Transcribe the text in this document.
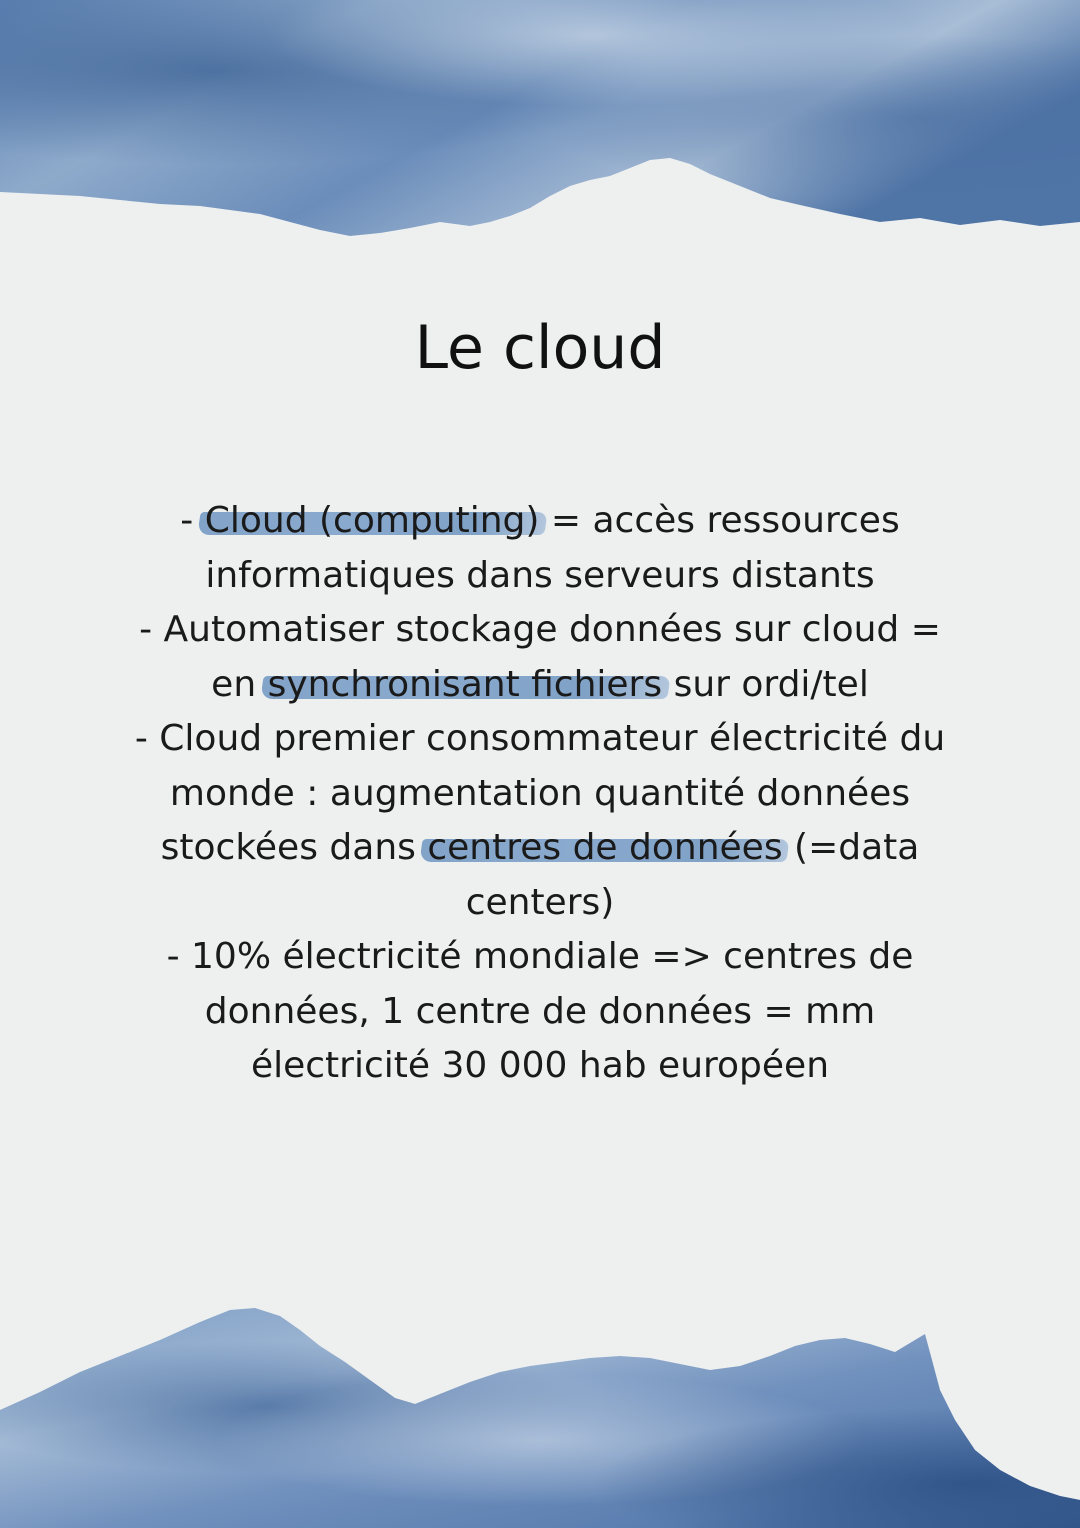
Le cloud
- Cloud (computing) = accès ressources
informatiques dans serveurs distants
- Automatiser stockage données sur cloud =
en synchronisant fichiers sur ordi/tel
- Cloud premier consommateur électricité du
monde : augmentation quantité données
stockées dans centres de données (=data
centers)
- 10% électricité mondiale => centres de
données, 1 centre de données = mm
électricité 30 000 hab européen
